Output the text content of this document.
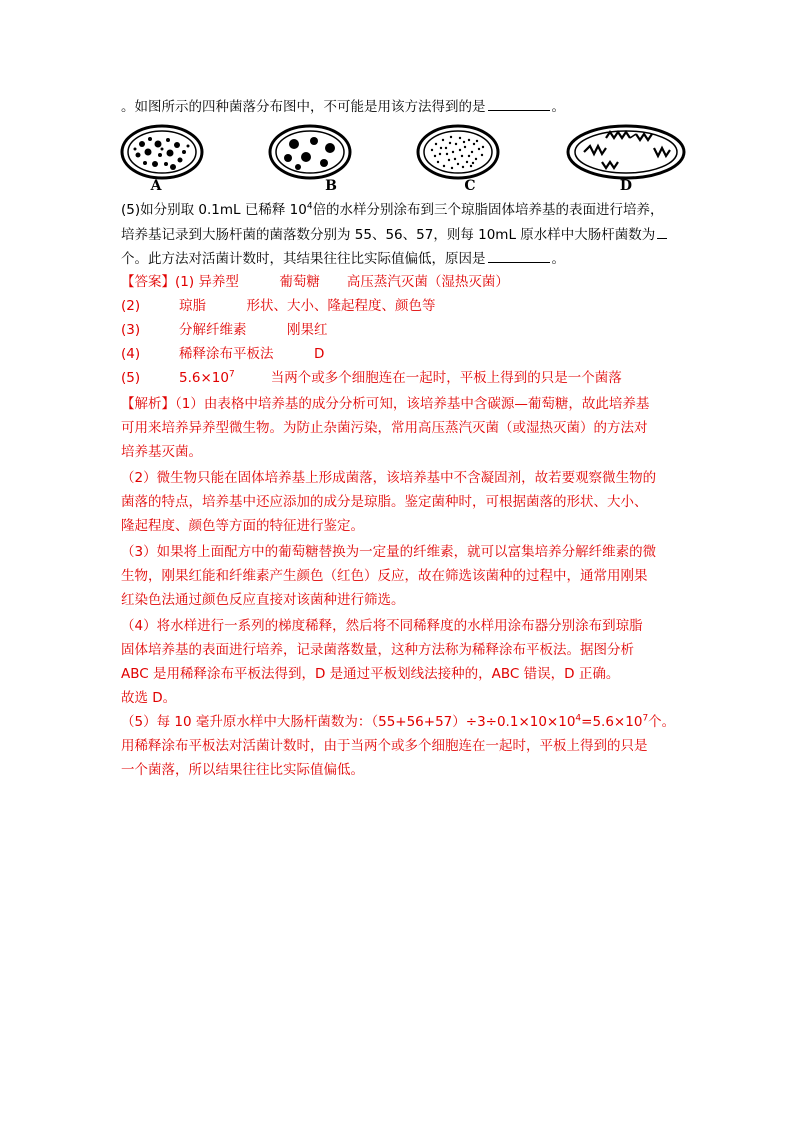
。如图所示的四种菌落分布图中，不可能是用该方法得到的是	。
A	B	C	D
(5)如分别取 0.1mL 已稀释 $10^4$倍的水样分别涂布到三个琼脂固体培养基的表面进行培养，
培养基记录到大肠杆菌的菌落数分别为 55、56、57，则每 10mL 原水样中大肠杆菌数为
个。此方法对活菌计数时，其结果往往比实际值偏低，原因是	。
【答案】(1) 异养型　　　葡萄糖　　高压蒸汽灭菌（湿热灭菌）
(2)	琼脂　　　形状、大小、隆起程度、颜色等
(3)	分解纤维素　　　刚果红
(4)	稀释涂布平板法　　　D
(5)	$5.6\times 10^7$	当两个或多个细胞连在一起时，平板上得到的只是一个菌落
【解析】（1）由表格中培养基的成分分析可知，该培养基中含碳源—葡萄糖，故此培养基
可用来培养异养型微生物。为防止杂菌污染，常用高压蒸汽灭菌（或湿热灭菌）的方法对
培养基灭菌。
（2）微生物只能在固体培养基上形成菌落，该培养基中不含凝固剂，故若要观察微生物的
菌落的特点，培养基中还应添加的成分是琼脂。鉴定菌种时，可根据菌落的形状、大小、
隆起程度、颜色等方面的特征进行鉴定。
（3）如果将上面配方中的葡萄糖替换为一定量的纤维素，就可以富集培养分解纤维素的微
生物，刚果红能和纤维素产生颜色（红色）反应，故在筛选该菌种的过程中，通常用刚果
红染色法通过颜色反应直接对该菌种进行筛选。
（4）将水样进行一系列的梯度稀释，然后将不同稀释度的水样用涂布器分别涂布到琼脂
固体培养基的表面进行培养，记录菌落数量，这种方法称为稀释涂布平板法。据图分析
ABC 是用稀释涂布平板法得到，D 是通过平板划线法接种的，ABC 错误，D 正确。
故选 D。
（5）每 10 毫升原水样中大肠杆菌数为：$(55+56+57)\div 3\div 0.1\times 10\times 10^4=5.6\times 10^7$个。
用稀释涂布平板法对活菌计数时，由于当两个或多个细胞连在一起时，平板上得到的只是
一个菌落，所以结果往往比实际值偏低。
